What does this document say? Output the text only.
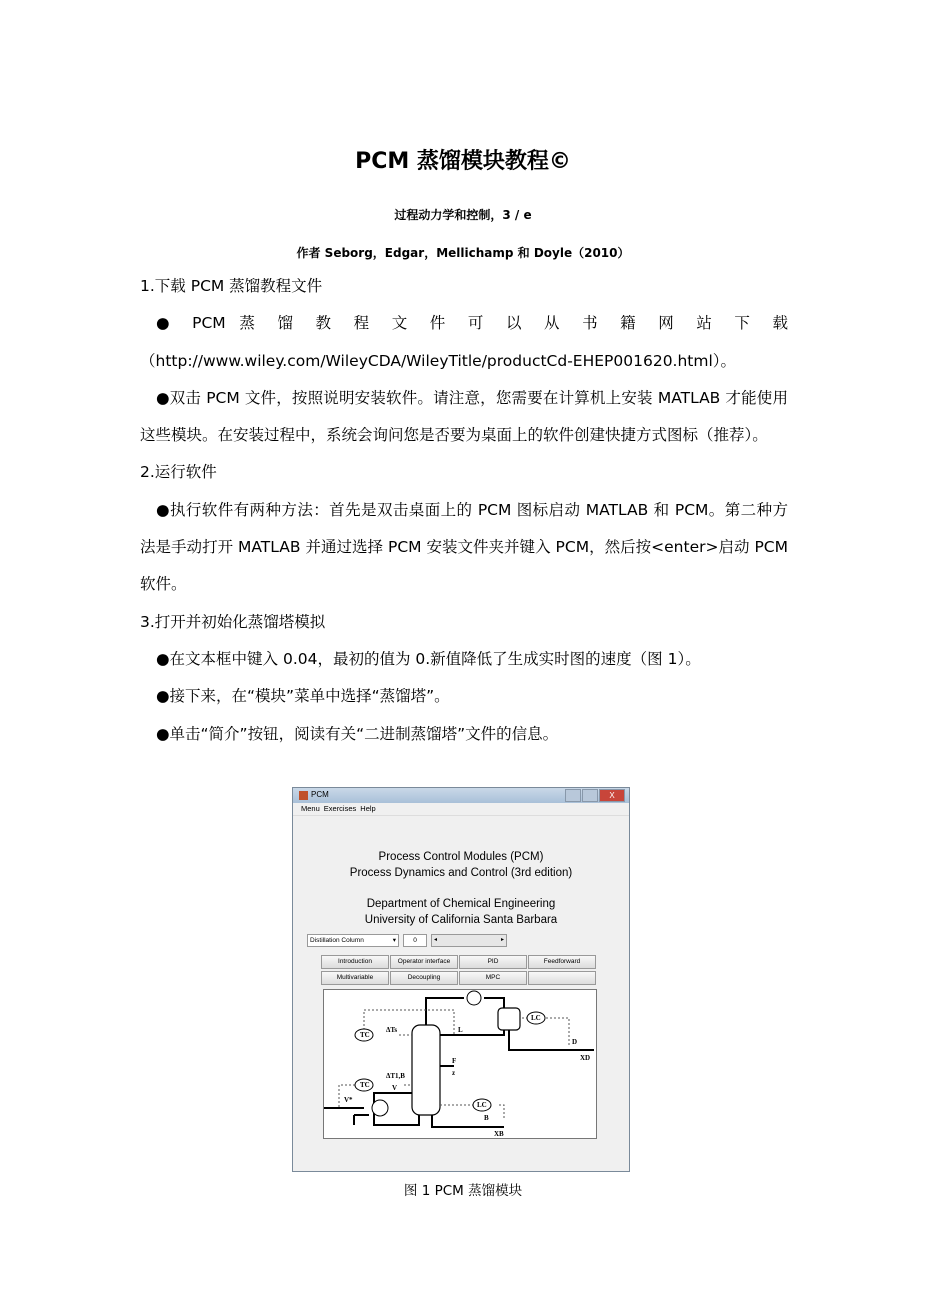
PCM 蒸馏模块教程©
过程动力学和控制，3 / e
作者 Seborg，Edgar，Mellichamp 和 Doyle（2010）

1.下载 PCM 蒸馏教程文件

● PCM 蒸 馏 教 程 文 件 可 以 从 书 籍 网 站 下 载

（http://www.wiley.com/WileyCDA/WileyTitle/productCd-EHEP001620.html）。

●双击 PCM 文件，按照说明安装软件。请注意，您需要在计算机上安装 MATLAB 才能使用这些模块。在安装过程中，系统会询问您是否要为桌面上的软件创建快捷方式图标（推荐）。

2.运行软件

●执行软件有两种方法：首先是双击桌面上的 PCM 图标启动 MATLAB 和 PCM。第二种方法是手动打开 MATLAB 并通过选择 PCM 安装文件夹并键入 PCM，然后按<enter>启动 PCM 软件。

3.打开并初始化蒸馏塔模拟

●在文本框中键入 0.04，最初的值为 0.新值降低了生成实时图的速度（图 1）。

●接下来，在“模块”菜单中选择“蒸馏塔”。

●单击“简介”按钮，阅读有关“二进制蒸馏塔”文件的信息。

PCM	X
Menu Exercises Help
Process Control Modules (PCM)
Process Dynamics and Control (3rd edition)
Department of Chemical Engineering
University of California Santa Barbara
Distillation Column ▾	0	◂	▸
Introduction	Operator interface	PID	Feedforward
Multivariable	Decoupling	MPC
TC
TC
LC
LC
ΔTs
ΔT1,B
L
D
XD
F
z
V
V*
B
XB
图 1 PCM 蒸馏模块
